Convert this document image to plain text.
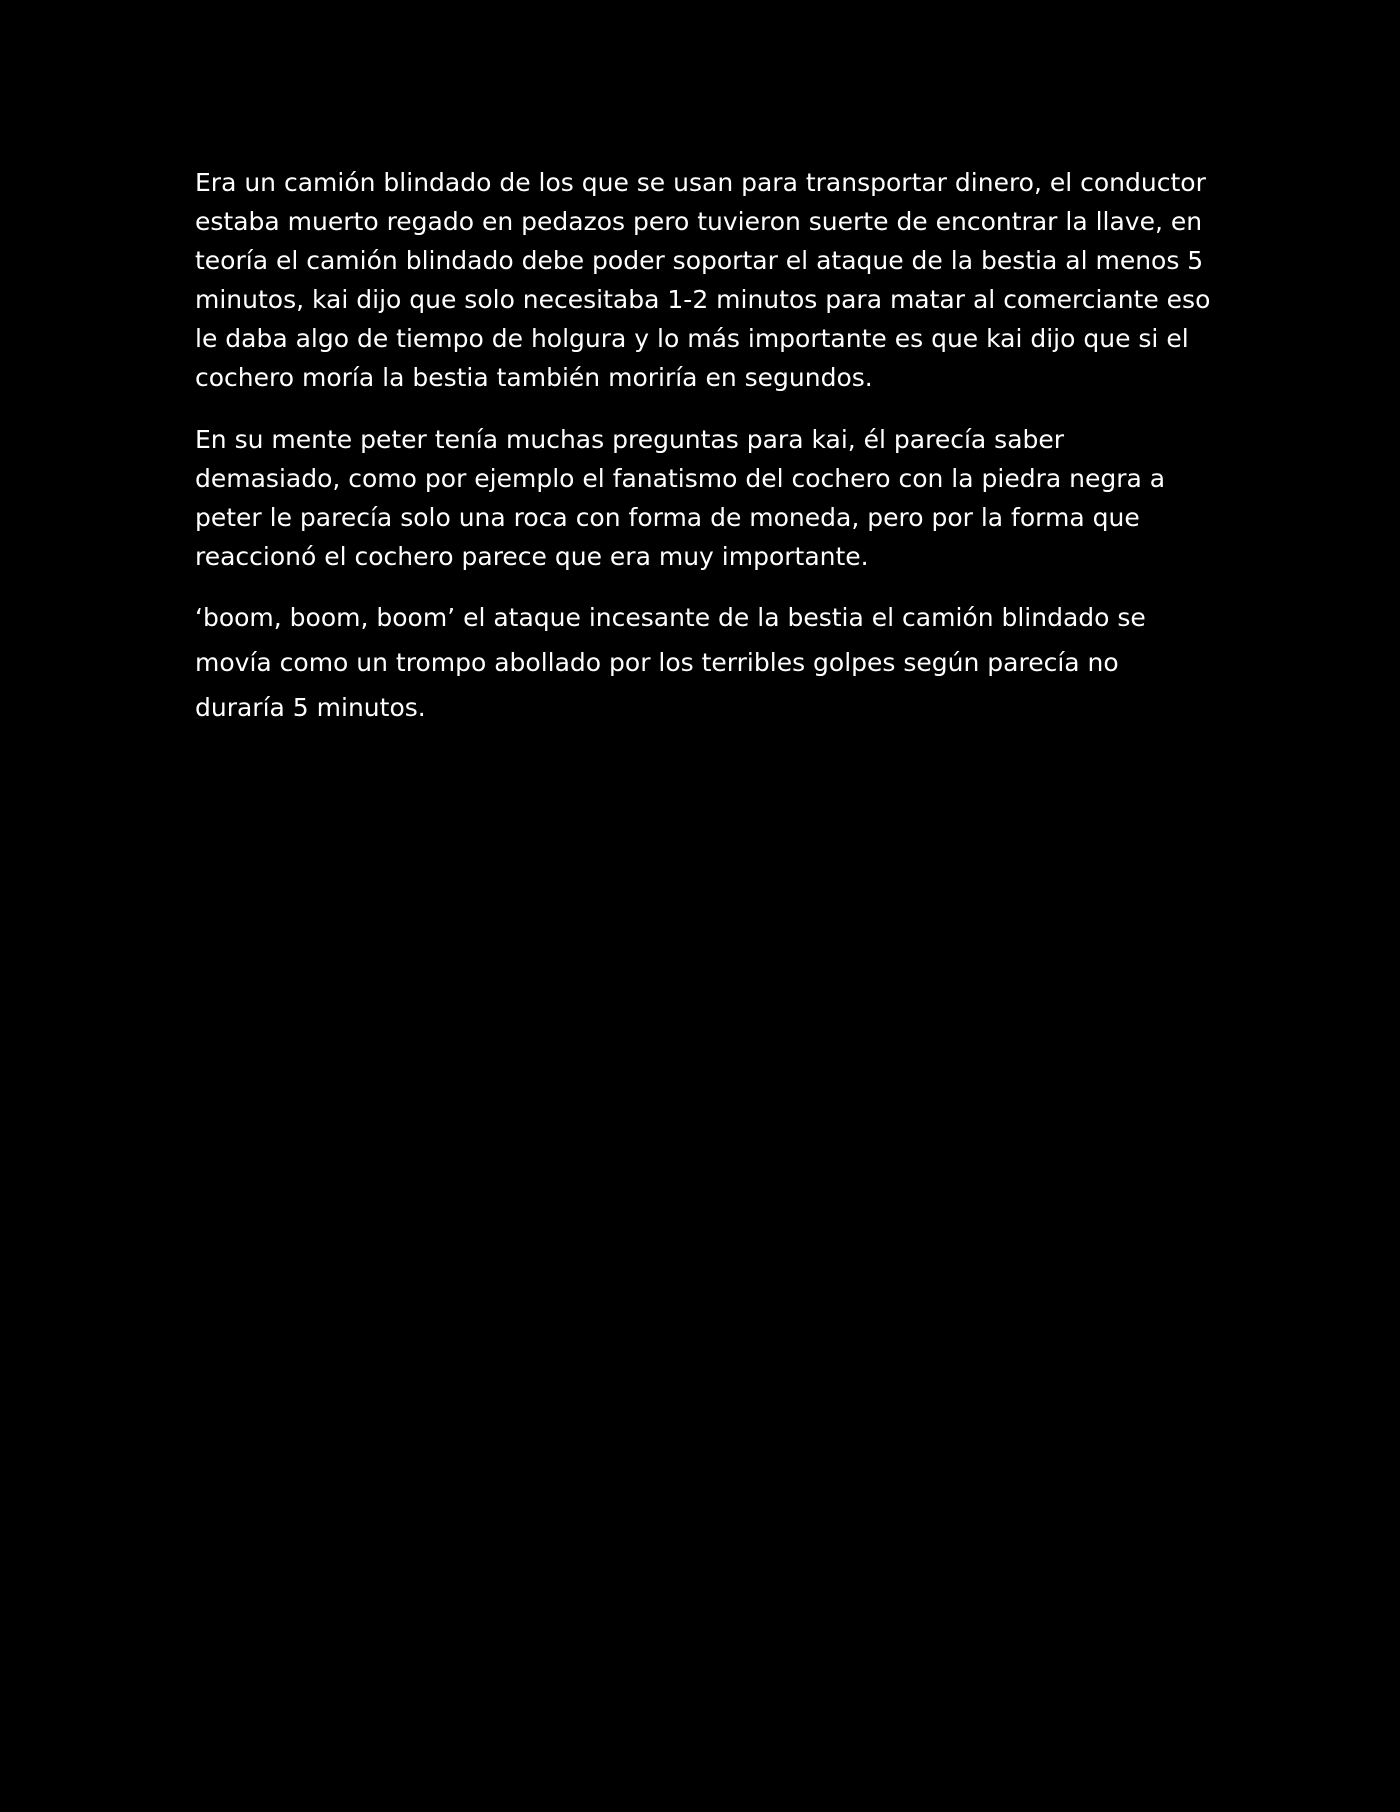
Era un camión blindado de los que se usan para transportar dinero, el conductor estaba muerto regado en pedazos pero tuvieron suerte de encontrar la llave, en teoría el camión blindado debe poder soportar el ataque de la bestia al menos 5 minutos, kai dijo que solo necesitaba 1-2 minutos para matar al comerciante eso le daba algo de tiempo de holgura y lo más importante es que kai dijo que si el cochero moría la bestia también moriría en segundos.

En su mente peter tenía muchas preguntas para kai, él parecía saber demasiado, como por ejemplo el fanatismo del cochero con la piedra negra a peter le parecía solo una roca con forma de moneda, pero por la forma que reaccionó el cochero parece que era muy importante.

‘boom, boom, boom’ el ataque incesante de la bestia el camión blindado se movía como un trompo abollado por los terribles golpes según parecía no duraría 5 minutos.
